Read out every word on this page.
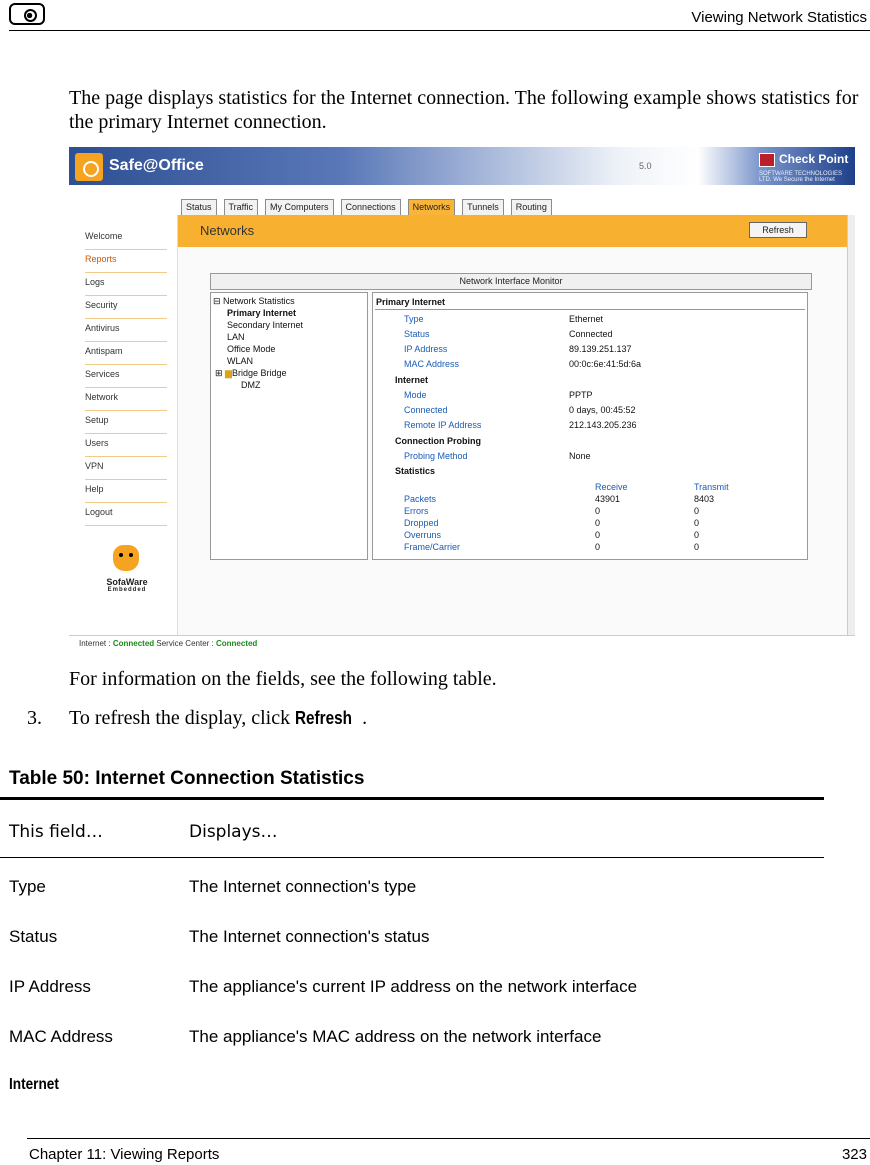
Viewing Network Statistics
The page displays statistics for the Internet connection. The following example shows statistics for the primary Internet connection.
Safe@Office	5.0	Check Point
SOFTWARE TECHNOLOGIES LTD. We Secure the Internet
Status	Traffic	My Computers	Connections	Networks	Tunnels	Routing
Welcome
Reports
Logs
Security
Antivirus
Antispam
Services
Network
Setup
Users
VPN
Help
Logout
SofaWare
Embedded
Networks	Refresh
Network Interface Monitor
⊟ Network Statistics
Primary Internet
Secondary Internet
LAN
Office Mode
WLAN
⊞ ▆Bridge Bridge
DMZ
Primary Internet
Type	Ethernet
Status	Connected
IP Address	89.139.251.137
MAC Address	00:0c:6e:41:5d:6a
Internet
Mode	PPTP
Connected	0 days, 00:45:52
Remote IP Address	212.143.205.236
Connection Probing
Probing Method	None
Statistics
Receive	Transmit
Packets	43901	8403
Errors	0	0
Dropped	0	0
Overruns	0	0
Frame/Carrier	0	0
Internet : Connected Service Center : Connected
For information on the fields, see the following table.
3. To refresh the display, click Refresh .
Table 50: Internet Connection Statistics
This field…	Displays…
Type	The Internet connection's type
Status	The Internet connection's status
IP Address	The appliance's current IP address on the network interface
MAC Address	The appliance's MAC address on the network interface
Internet
Chapter 11: Viewing Reports	323
